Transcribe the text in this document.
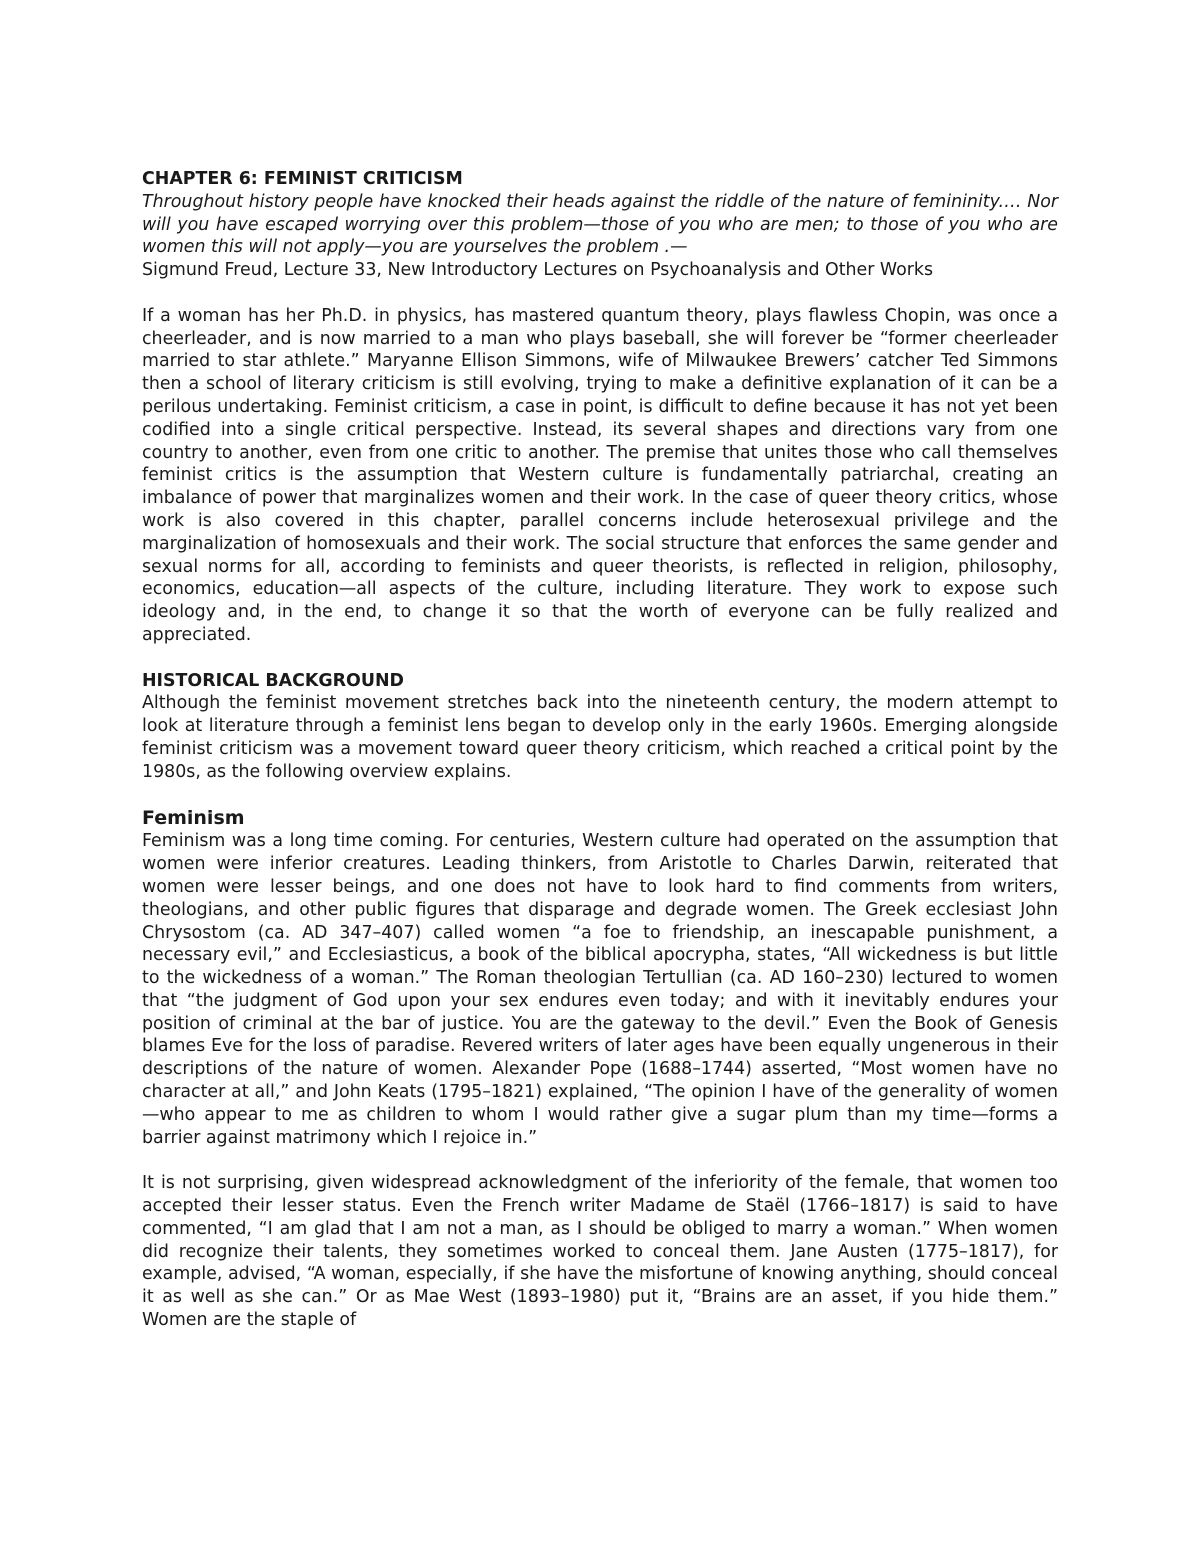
CHAPTER 6: FEMINIST CRITICISM

Throughout history people have knocked their heads against the riddle of the nature of femininity.… Nor will you have escaped worrying over this problem—those of you who are men; to those of you who are women this will not apply—you are yourselves the problem .—

Sigmund Freud, Lecture 33, New Introductory Lectures on Psychoanalysis and Other Works

If a woman has her Ph.D. in physics, has mastered quantum theory, plays flawless Chopin, was once a cheerleader, and is now married to a man who plays baseball, she will forever be “former cheerleader married to star athlete.” Maryanne Ellison Simmons, wife of Milwaukee Brewers’ catcher Ted Simmons then a school of literary criticism is still evolving, trying to make a definitive explanation of it can be a perilous undertaking. Feminist criticism, a case in point, is difficult to define because it has not yet been codified into a single critical perspective. Instead, its several shapes and directions vary from one country to another, even from one critic to another. The premise that unites those who call themselves feminist critics is the assumption that Western culture is fundamentally patriarchal, creating an imbalance of power that marginalizes women and their work. In the case of queer theory critics, whose work is also covered in this chapter, parallel concerns include heterosexual privilege and the marginalization of homosexuals and their work. The social structure that enforces the same gender and sexual norms for all, according to feminists and queer theorists, is reflected in religion, philosophy, economics, education—all aspects of the culture, including literature. They work to expose such ideology and, in the end, to change it so that the worth of everyone can be fully realized and appreciated.

HISTORICAL BACKGROUND

Although the feminist movement stretches back into the nineteenth century, the modern attempt to look at literature through a feminist lens began to develop only in the early 1960s. Emerging alongside feminist criticism was a movement toward queer theory criticism, which reached a critical point by the 1980s, as the following overview explains.

Feminism

Feminism was a long time coming. For centuries, Western culture had operated on the assumption that women were inferior creatures. Leading thinkers, from Aristotle to Charles Darwin, reiterated that women were lesser beings, and one does not have to look hard to find comments from writers, theologians, and other public figures that disparage and degrade women. The Greek ecclesiast John Chrysostom (ca. AD 347–407) called women “a foe to friendship, an inescapable punishment, a necessary evil,” and Ecclesiasticus, a book of the biblical apocrypha, states, “All wickedness is but little to the wickedness of a woman.” The Roman theologian Tertullian (ca. AD 160–230) lectured to women that “the judgment of God upon your sex endures even today; and with it inevitably endures your position of criminal at the bar of justice. You are the gateway to the devil.” Even the Book of Genesis blames Eve for the loss of paradise. Revered writers of later ages have been equally ungenerous in their descriptions of the nature of women. Alexander Pope (1688–1744) asserted, “Most women have no character at all,” and John Keats (1795–1821) explained, “The opinion I have of the generality of women—who appear to me as children to whom I would rather give a sugar plum than my time—forms a barrier against matrimony which I rejoice in.”

It is not surprising, given widespread acknowledgment of the inferiority of the female, that women too accepted their lesser status. Even the French writer Madame de Staël (1766–1817) is said to have commented, “I am glad that I am not a man, as I should be obliged to marry a woman.” When women did recognize their talents, they sometimes worked to conceal them. Jane Austen (1775–1817), for example, advised, “A woman, especially, if she have the misfortune of knowing anything, should conceal it as well as she can.” Or as Mae West (1893–1980) put it, “Brains are an asset, if you hide them.” Women are the staple of
